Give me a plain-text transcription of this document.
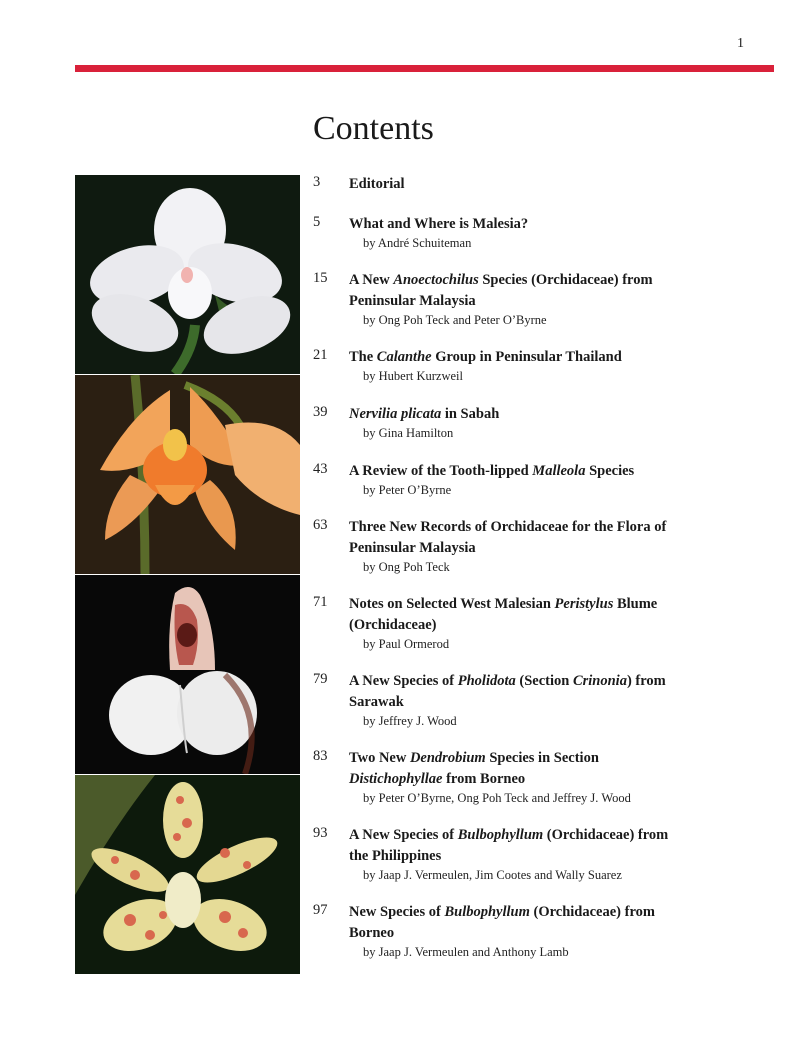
1
Contents
3 Editorial
5 What and Where is Malesia?
by André Schuiteman
15 A New Anoectochilus Species (Orchidaceae) from
Peninsular Malaysia
by Ong Poh Teck and Peter O’Byrne
21 The Calanthe Group in Peninsular Thailand
by Hubert Kurzweil
39 Nervilia plicata in Sabah
by Gina Hamilton
43 A Review of the Tooth-lipped Malleola Species
by Peter O’Byrne
63 Three New Records of Orchidaceae for the Flora of
Peninsular Malaysia
by Ong Poh Teck
71 Notes on Selected West Malesian Peristylus Blume
(Orchidaceae)
by Paul Ormerod
79 A New Species of Pholidota (Section Crinonia) from
Sarawak
by Jeffrey J. Wood
83 Two New Dendrobium Species in Section
Distichophyllae from Borneo
by Peter O’Byrne, Ong Poh Teck and Jeffrey J. Wood
93 A New Species of Bulbophyllum (Orchidaceae) from
the Philippines
by Jaap J. Vermeulen, Jim Cootes and Wally Suarez
97 New Species of Bulbophyllum (Orchidaceae) from
Borneo
by Jaap J. Vermeulen and Anthony Lamb
